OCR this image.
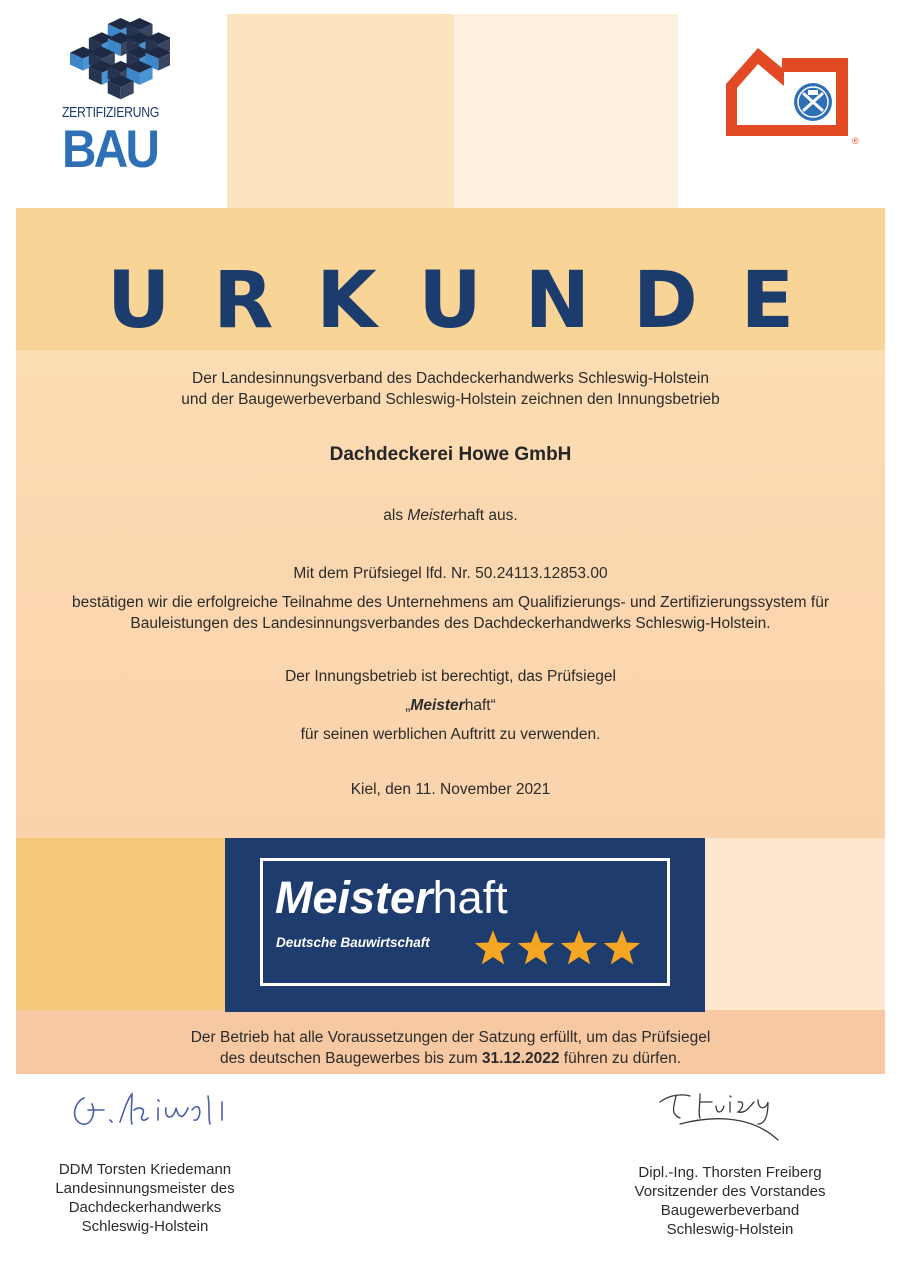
ZERTIFIZIERUNG
BAU	®
URKUNDE
Der Landesinnungsverband des Dachdeckerhandwerks Schleswig-Holstein
und der Baugewerbeverband Schleswig-Holstein zeichnen den Innungsbetrieb
Dachdeckerei Howe GmbH
als Meisterhaft aus.
Mit dem Prüfsiegel lfd. Nr. 50.24113.12853.00
bestätigen wir die erfolgreiche Teilnahme des Unternehmens am Qualifizierungs- und Zertifizierungssystem für
Bauleistungen des Landesinnungsverbandes des Dachdeckerhandwerks Schleswig-Holstein.
Der Innungsbetrieb ist berechtigt, das Prüfsiegel
„Meisterhaft“
für seinen werblichen Auftritt zu verwenden.
Kiel, den 11. November 2021
Meisterhaft
Deutsche Bauwirtschaft
Der Betrieb hat alle Voraussetzungen der Satzung erfüllt, um das Prüfsiegel
des deutschen Baugewerbes bis zum 31.12.2022 führen zu dürfen.
DDM Torsten Kriedemann
Landesinnungsmeister des
Dachdeckerhandwerks
Schleswig-Holstein
Dipl.-Ing. Thorsten Freiberg
Vorsitzender des Vorstandes
Baugewerbeverband
Schleswig-Holstein
